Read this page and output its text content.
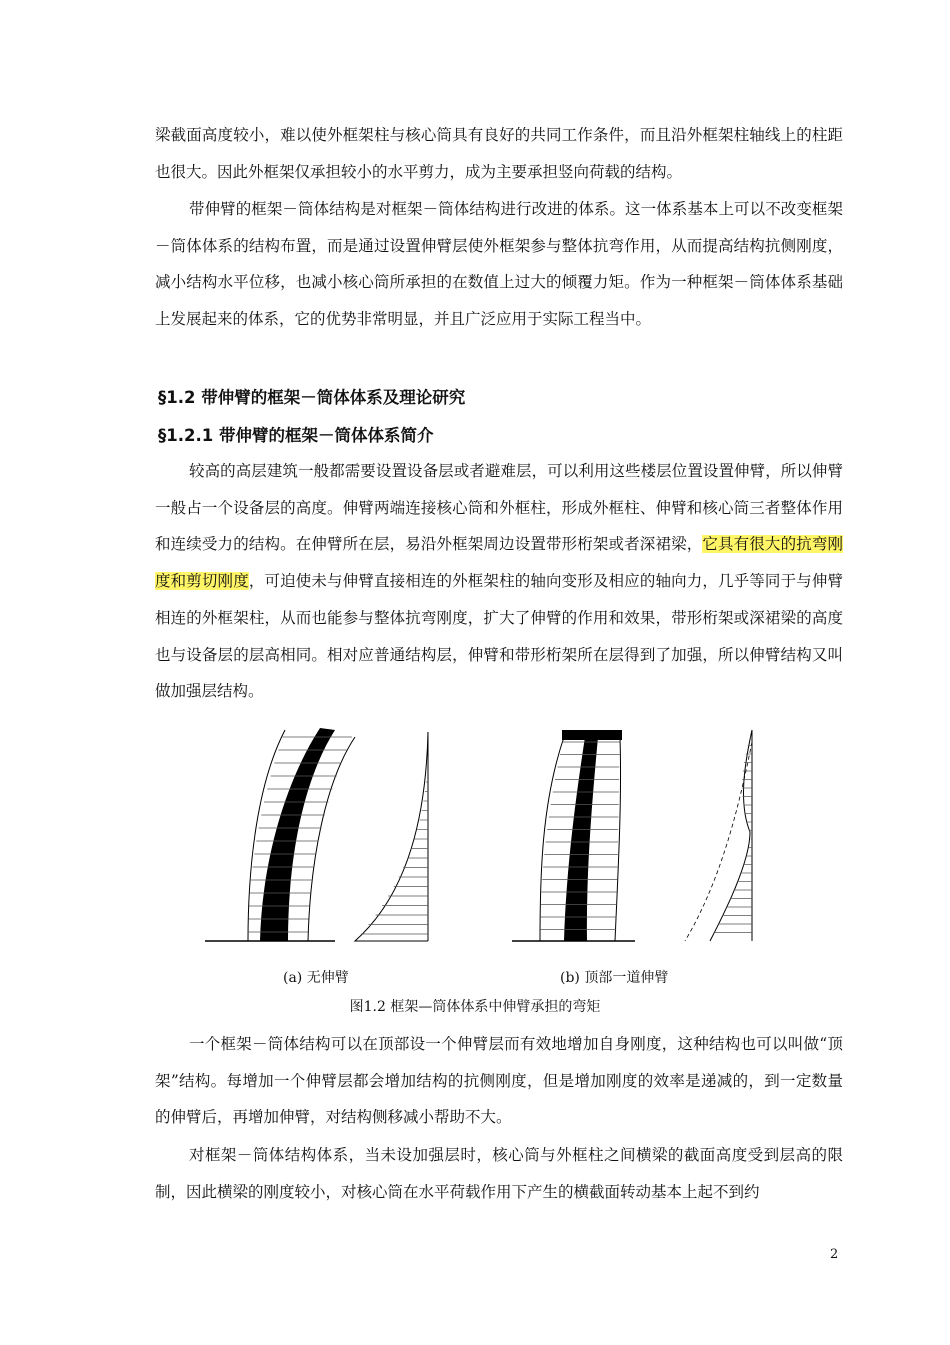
梁截面高度较小，难以使外框架柱与核心筒具有良好的共同工作条件，而且沿外框架柱轴线上的柱距也很大。因此外框架仅承担较小的水平剪力，成为主要承担竖向荷载的结构。

带伸臂的框架－筒体结构是对框架－筒体结构进行改进的体系。这一体系基本上可以不改变框架－筒体体系的结构布置，而是通过设置伸臂层使外框架参与整体抗弯作用，从而提高结构抗侧刚度，减小结构水平位移，也减小核心筒所承担的在数值上过大的倾覆力矩。作为一种框架－筒体体系基础上发展起来的体系，它的优势非常明显，并且广泛应用于实际工程当中。

§1.2 带伸臂的框架－筒体体系及理论研究
§1.2.1 带伸臂的框架－筒体体系简介

较高的高层建筑一般都需要设置设备层或者避难层，可以利用这些楼层位置设置伸臂，所以伸臂一般占一个设备层的高度。伸臂两端连接核心筒和外框柱，形成外框柱、伸臂和核心筒三者整体作用和连续受力的结构。在伸臂所在层，易沿外框架周边设置带形桁架或者深裙梁，它具有很大的抗弯刚度和剪切刚度，可迫使未与伸臂直接相连的外框架柱的轴向变形及相应的轴向力，几乎等同于与伸臂相连的外框架柱，从而也能参与整体抗弯刚度，扩大了伸臂的作用和效果，带形桁架或深裙梁的高度也与设备层的层高相同。相对应普通结构层，伸臂和带形桁架所在层得到了加强，所以伸臂结构又叫做加强层结构。

(a) 无伸臂	(b) 顶部一道伸臂
图1.2 框架—筒体体系中伸臂承担的弯矩

一个框架－筒体结构可以在顶部设一个伸臂层而有效地增加自身刚度，这种结构也可以叫做“顶架”结构。每增加一个伸臂层都会增加结构的抗侧刚度，但是增加刚度的效率是递减的，到一定数量的伸臂后，再增加伸臂，对结构侧移减小帮助不大。

对框架－筒体结构体系，当未设加强层时，核心筒与外框柱之间横梁的截面高度受到层高的限制，因此横梁的刚度较小，对核心筒在水平荷载作用下产生的横截面转动基本上起不到约

2
